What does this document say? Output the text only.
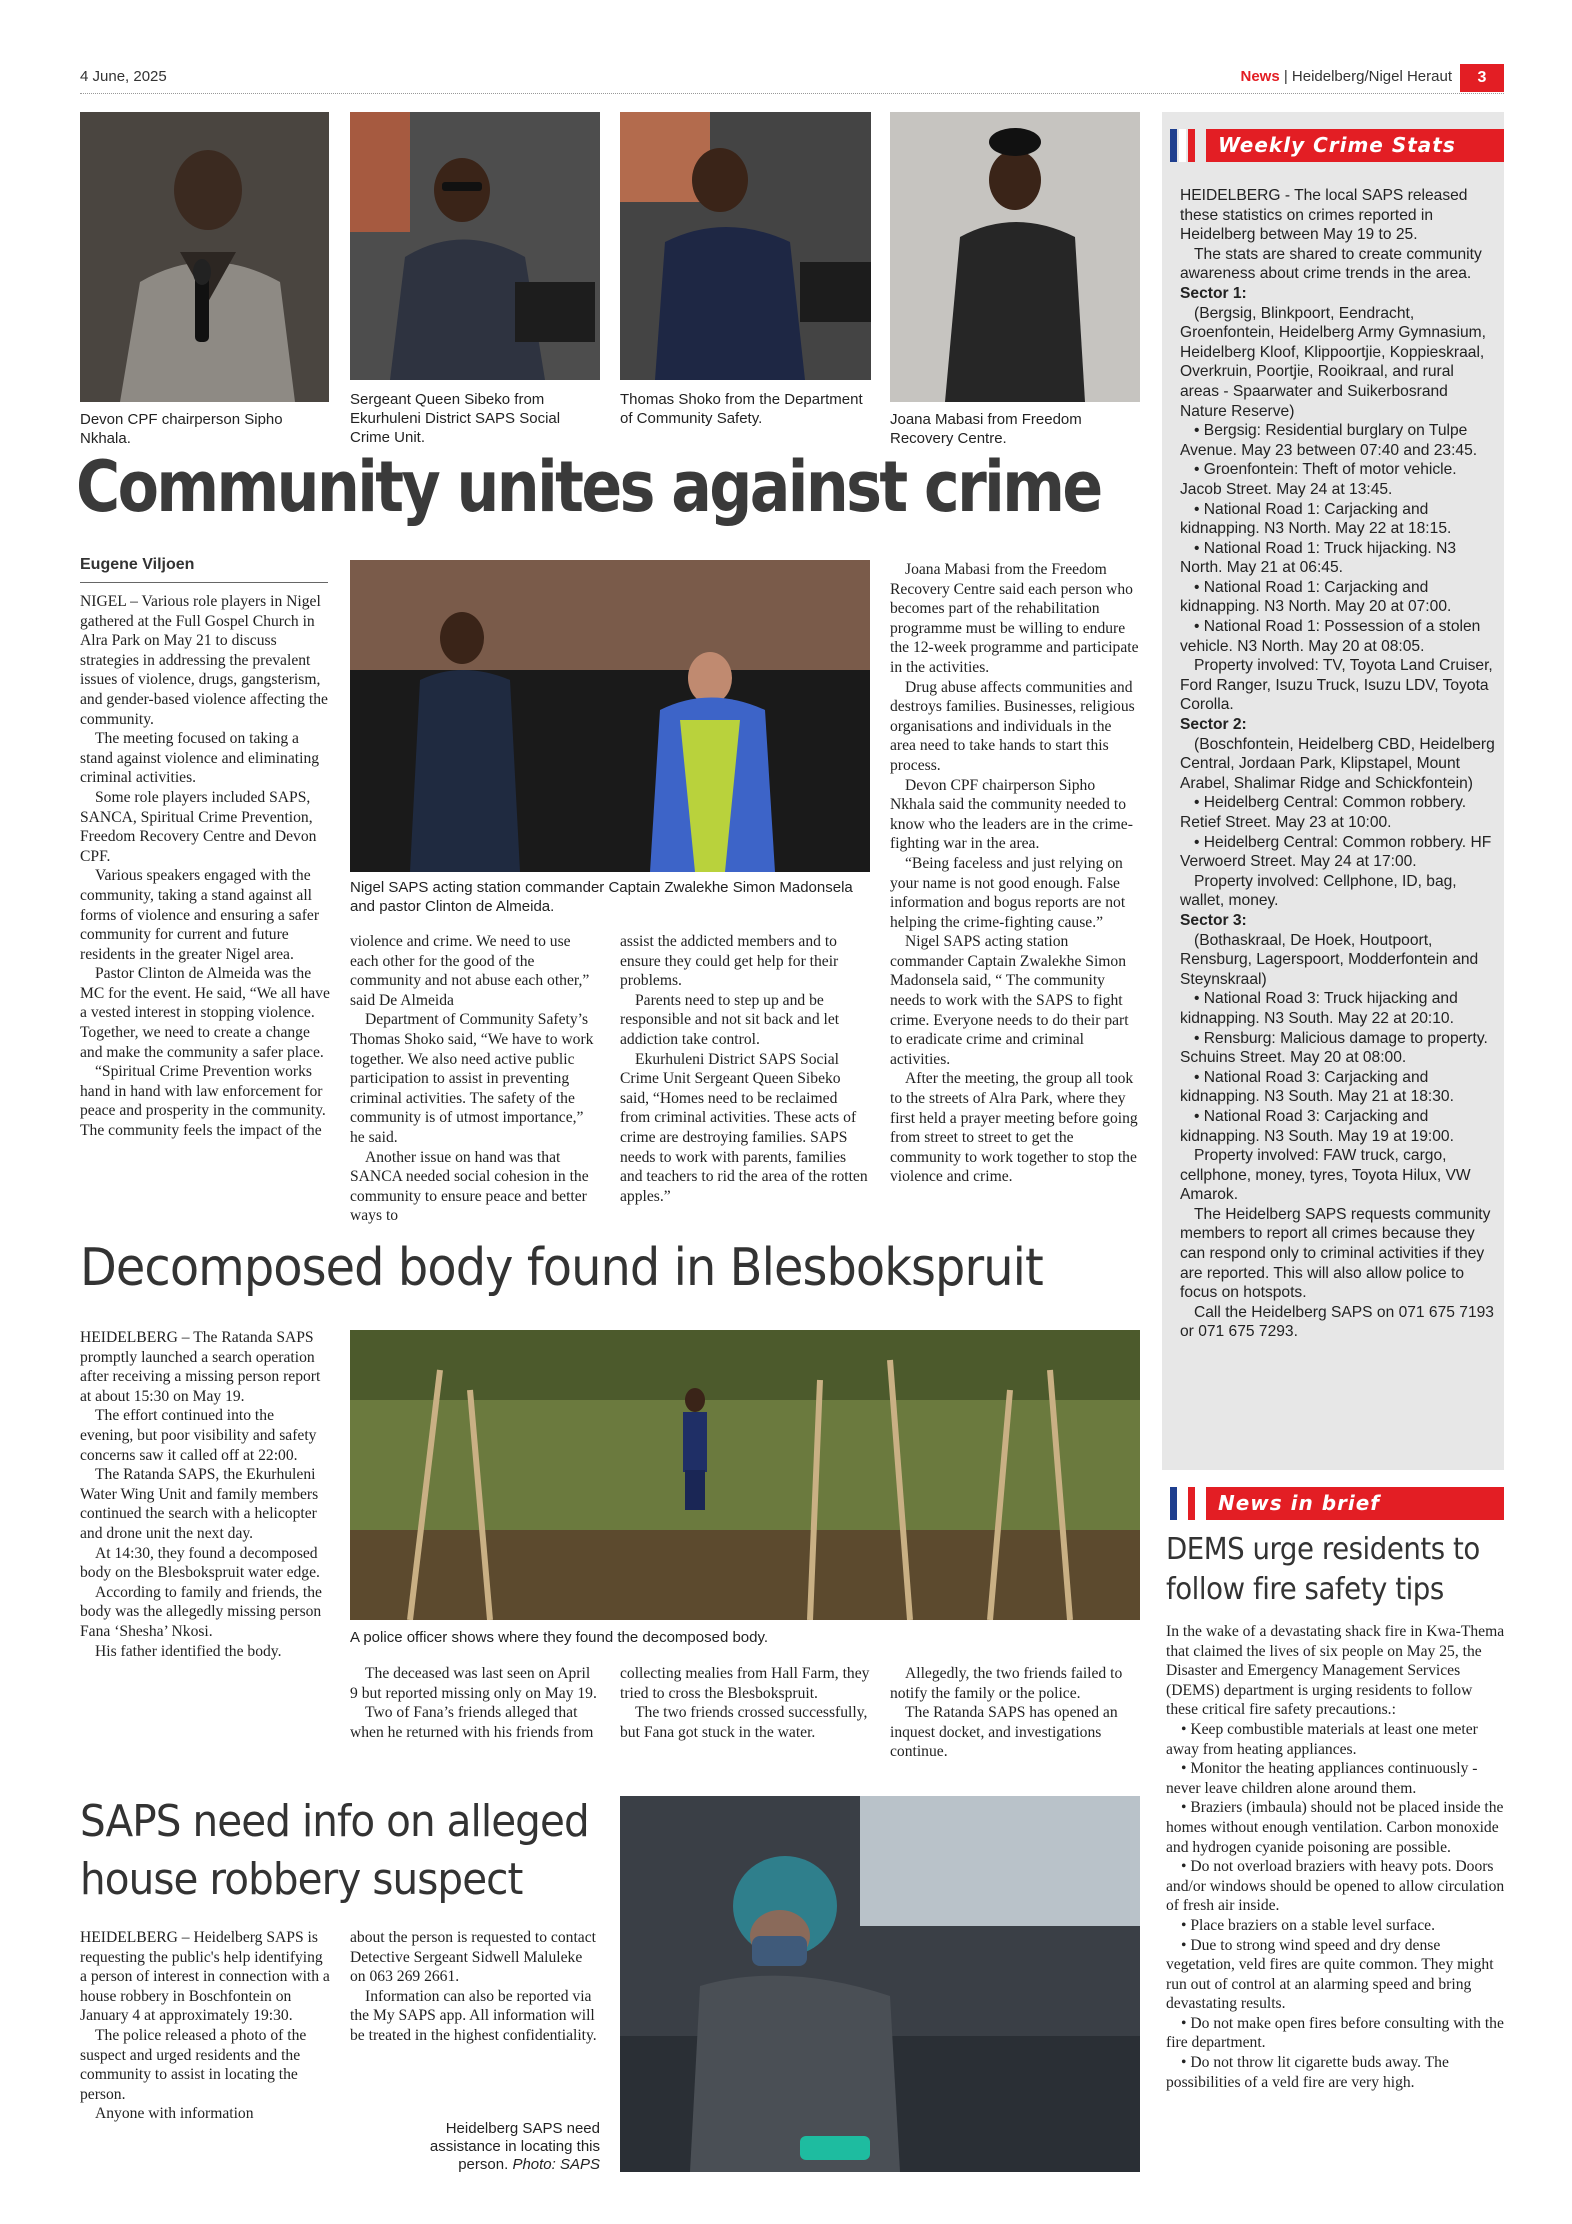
4 June, 2025	News | Heidelberg/Nigel Heraut	3
Devon CPF chairperson Sipho Nkhala.
Sergeant Queen Sibeko from Ekurhuleni District SAPS Social Crime Unit.
Thomas Shoko from the Department of Community Safety.	Joana Mabasi from Freedom Recovery Centre.
Community unites against crime
Eugene Viljoen

NIGEL – Various role players in Nigel gathered at the Full Gospel Church in Alra Park on May 21 to discuss strategies in addressing the prevalent issues of violence, drugs, gangsterism, and gender-based violence affecting the community.

The meeting focused on taking a stand against violence and eliminating criminal activities.

Some role players included SAPS, SANCA, Spiritual Crime Prevention, Freedom Recovery Centre and Devon CPF.

Various speakers engaged with the community, taking a stand against all forms of violence and ensuring a safer community for current and future residents in the greater Nigel area.

Pastor Clinton de Almeida was the MC for the event. He said, “We all have a vested interest in stopping violence. Together, we need to create a change and make the community a safer place.

“Spiritual Crime Prevention works hand in hand with law enforcement for peace and prosperity in the community. The community feels the impact of the

Nigel SAPS acting station commander Captain Zwalekhe Simon Madonsela and pastor Clinton de Almeida.

violence and crime. We need to use each other for the good of the community and not abuse each other,” said De Almeida

Department of Community Safety’s Thomas Shoko said, “We have to work together. We also need active public participation to assist in preventing criminal activities. The safety of the community is of utmost importance,” he said.

Another issue on hand was that SANCA needed social cohesion in the community to ensure peace and better ways to

assist the addicted members and to ensure they could get help for their problems.

Parents need to step up and be responsible and not sit back and let addiction take control.

Ekurhuleni District SAPS Social Crime Unit Sergeant Queen Sibeko said, “Homes need to be reclaimed from criminal activities. These acts of crime are destroying families. SAPS needs to work with parents, families and teachers to rid the area of the rotten apples.”

Joana Mabasi from the Freedom Recovery Centre said each person who becomes part of the rehabilitation programme must be willing to endure the 12-week programme and participate in the activities.

Drug abuse affects communities and destroys families. Businesses, religious organisations and individuals in the area need to take hands to start this process.

Devon CPF chairperson Sipho Nkhala said the community needed to know who the leaders are in the crime-fighting war in the area.

“Being faceless and just relying on your name is not good enough. False information and bogus reports are not helping the crime-fighting cause.”

Nigel SAPS acting station commander Captain Zwalekhe Simon Madonsela said, “ The community needs to work with the SAPS to fight crime. Everyone needs to do their part to eradicate crime and criminal activities.

After the meeting, the group all took to the streets of Alra Park, where they first held a prayer meeting before going from street to street to get the community to work together to stop the violence and crime.

Decomposed body found in Blesbokspruit

HEIDELBERG – The Ratanda SAPS promptly launched a search operation after receiving a missing person report at about 15:30 on May 19.

The effort continued into the evening, but poor visibility and safety concerns saw it called off at 22:00.

The Ratanda SAPS, the Ekurhuleni Water Wing Unit and family members continued the search with a helicopter and drone unit the next day.

At 14:30, they found a decomposed body on the Blesbokspruit water edge.

According to family and friends, the body was the allegedly missing person Fana ‘Shesha’ Nkosi.

His father identified the body.

A police officer shows where they found the decomposed body.

The deceased was last seen on April 9 but reported missing only on May 19.

Two of Fana’s friends alleged that when he returned with his friends from

collecting mealies from Hall Farm, they tried to cross the Blesbokspruit.

The two friends crossed successfully, but Fana got stuck in the water.

Allegedly, the two friends failed to notify the family or the police.

The Ratanda SAPS has opened an inquest docket, and investigations continue.

SAPS need info on alleged
house robbery suspect

HEIDELBERG – Heidelberg SAPS is requesting the public's help identifying a person of interest in connection with a house robbery in Boschfontein on January 4 at approximately 19:30.

The police released a photo of the suspect and urged residents and the community to assist in locating the person.

Anyone with information

about the person is requested to contact Detective Sergeant Sidwell Maluleke on 063 269 2661.

Information can also be reported via the My SAPS app. All information will be treated in the highest confidentiality.

Heidelberg SAPS need assistance in locating this person. Photo: SAPS
Weekly Crime Stats

HEIDELBERG - The local SAPS released these statistics on crimes reported in Heidelberg between May 19 to 25.

The stats are shared to create community awareness about crime trends in the area.

Sector 1:

(Bergsig, Blinkpoort, Eendracht, Groenfontein, Heidelberg Army Gymnasium, Heidelberg Kloof, Klippoortjie, Koppieskraal, Overkruin, Poortjie, Rooikraal, and rural areas - Spaarwater and Suikerbosrand Nature Reserve)

• Bergsig: Residential burglary on Tulpe Avenue. May 23 between 07:40 and 23:45.

• Groenfontein: Theft of motor vehicle. Jacob Street. May 24 at 13:45.

• National Road 1: Carjacking and kidnapping. N3 North. May 22 at 18:15.

• National Road 1: Truck hijacking. N3 North. May 21 at 06:45.

• National Road 1: Carjacking and kidnapping. N3 North. May 20 at 07:00.

• National Road 1: Possession of a stolen vehicle. N3 North. May 20 at 08:05.

Property involved: TV, Toyota Land Cruiser, Ford Ranger, Isuzu Truck, Isuzu LDV, Toyota Corolla.

Sector 2:

(Boschfontein, Heidelberg CBD, Heidelberg Central, Jordaan Park, Klipstapel, Mount Arabel, Shalimar Ridge and Schickfontein)

• Heidelberg Central: Common robbery. Retief Street. May 23 at 10:00.

• Heidelberg Central: Common robbery. HF Verwoerd Street. May 24 at 17:00.

Property involved: Cellphone, ID, bag, wallet, money.

Sector 3:

(Bothaskraal, De Hoek, Houtpoort, Rensburg, Lagerspoort, Modderfontein and Steynskraal)

• National Road 3: Truck hijacking and kidnapping. N3 South. May 22 at 20:10.

• Rensburg: Malicious damage to property. Schuins Street. May 20 at 08:00.

• National Road 3: Carjacking and kidnapping. N3 South. May 21 at 18:30.

• National Road 3: Carjacking and kidnapping. N3 South. May 19 at 19:00.

Property involved: FAW truck, cargo, cellphone, money, tyres, Toyota Hilux, VW Amarok.

The Heidelberg SAPS requests community members to report all crimes because they can respond only to criminal activities if they are reported. This will also allow police to focus on hotspots.

Call the Heidelberg SAPS on 071 675 7193 or 071 675 7293.

News in brief
DEMS urge residents to
follow fire safety tips

In the wake of a devastating shack fire in Kwa-Thema that claimed the lives of six people on May 25, the Disaster and Emergency Management Services (DEMS) department is urging residents to follow these critical fire safety precautions.:

• Keep combustible materials at least one meter away from heating appliances.

• Monitor the heating appliances continuously - never leave children alone around them.

• Braziers (imbaula) should not be placed inside the homes without enough ventilation. Carbon monoxide and hydrogen cyanide poisoning are possible.

• Do not overload braziers with heavy pots. Doors and/or windows should be opened to allow circulation of fresh air inside.

• Place braziers on a stable level surface.

• Due to strong wind speed and dry dense vegetation, veld fires are quite common. They might run out of control at an alarming speed and bring devastating results.

• Do not make open fires before consulting with the fire department.

• Do not throw lit cigarette buds away. The possibilities of a veld fire are very high.
